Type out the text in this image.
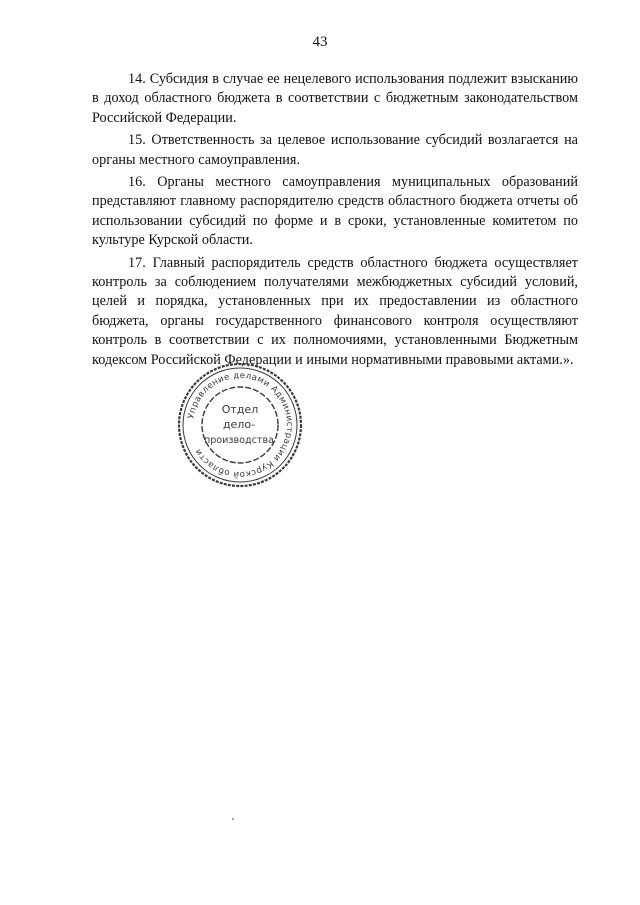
43

14. Субсидия в случае ее нецелевого использования подлежит взысканию в доход областного бюджета в соответствии с бюджетным законодательством Российской Федерации.

15. Ответственность за целевое использование субсидий возлагается на органы местного самоуправления.

16. Органы местного самоуправления муниципальных образований представляют главному распорядителю средств областного бюджета отчеты об использовании субсидий по форме и в сроки, установленные комитетом по культуре Курской области.

17. Главный распорядитель средств областного бюджета осуществляет контроль за соблюдением получателями межбюджетных субсидий условий, целей и порядка, установленных при их предоставлении из областного бюджета, органы государственного финансового контроля осуществляют контроль в соответствии с их полномочиями, установленными Бюджетным кодексом Российской Федерации и иными нормативными правовыми актами.».

Управление делами Администрации Курской области
Отдел
дело-
производства
